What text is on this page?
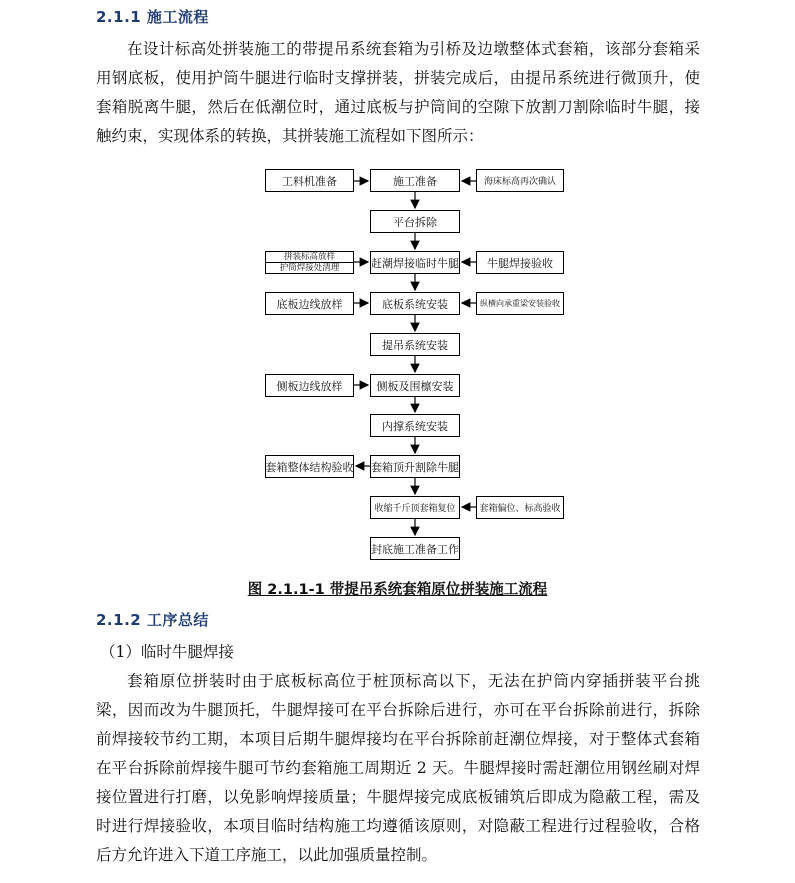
2.1.1 施工流程

在设计标高处拼装施工的带提吊系统套箱为引桥及边墩整体式套箱，该部分套箱采用钢底板，使用护筒牛腿进行临时支撑拼装，拼装完成后，由提吊系统进行微顶升，使套箱脱离牛腿，然后在低潮位时，通过底板与护筒间的空隙下放割刀割除临时牛腿，接触约束，实现体系的转换，其拼装施工流程如下图所示：

施工准备
平台拆除
赶潮焊接临时牛腿
底板系统安装
提吊系统安装
侧板及围檩安装
内撑系统安装
套箱顶升割除牛腿
收缩千斤顶套箱复位
封底施工准备工作
工料机准备
拼装标高放样
护筒焊接处清理
底板边线放样
侧板边线放样
套箱整体结构验收
海床标高再次确认
牛腿焊接验收
纵横向承重梁安装验收
套箱偏位、标高验收
图 2.1.1-1 带提吊系统套箱原位拼装施工流程
2.1.2 工序总结
（1）临时牛腿焊接

套箱原位拼装时由于底板标高位于桩顶标高以下，无法在护筒内穿插拼装平台挑梁，因而改为牛腿顶托，牛腿焊接可在平台拆除后进行，亦可在平台拆除前进行，拆除前焊接较节约工期，本项目后期牛腿焊接均在平台拆除前赶潮位焊接，对于整体式套箱在平台拆除前焊接牛腿可节约套箱施工周期近 2 天。牛腿焊接时需赶潮位用钢丝刷对焊接位置进行打磨，以免影响焊接质量；牛腿焊接完成底板铺筑后即成为隐蔽工程，需及时进行焊接验收，本项目临时结构施工均遵循该原则，对隐蔽工程进行过程验收，合格后方允许进入下道工序施工，以此加强质量控制。
